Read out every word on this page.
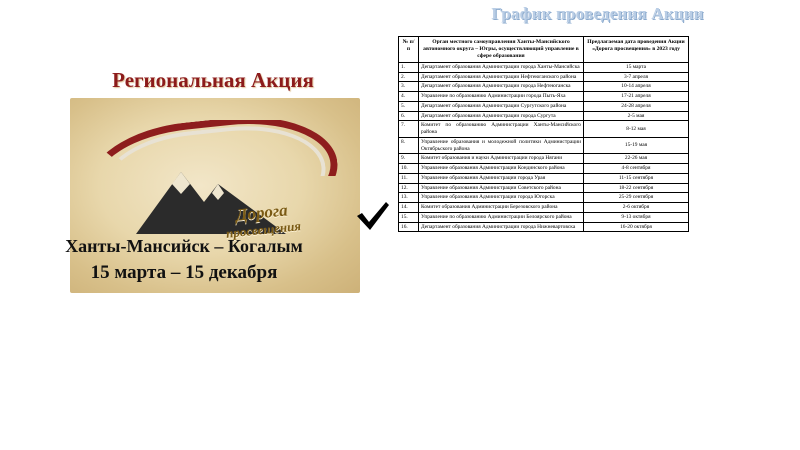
График проведения Акции
Дорога
просвещения
Региональная Акция
Ханты-Мансийск – Когалым
15 марта – 15 декабря
№ п/п	Орган местного самоуправления Ханты-Мансийского автономного округа – Югры, осуществляющий управление в сфере образования	Предлагаемая дата проведения Акции «Дорога просвещения» в 2023 году
1.	Департамент образования Администрации города Ханты-Мансийска	15 марта
2.	Департамент образования Администрации Нефтеюганского района	3-7 апреля
3.	Департамент образования Администрации города Нефтеюганска	10-14 апреля
4.	Управление по образованию Администрации города Пыть-Яха	17-21 апреля
5.	Департамент образования Администрации Сургутского района	24-28 апреля
6.	Департамент образования Администрации города Сургута	2-5 мая
7.	Комитет по образованию Администрации Ханты-Мансийского района	8-12 мая
8.	Управление образования и молодежной политики Администрации Октябрьского района	15-19 мая
9.	Комитет образования и науки Администрации города Нягани	22-26 мая
10.	Управление образования Администрации Кондинского района	4-8 сентября
11.	Управление образования Администрации города Урая	11-15 сентября
12.	Управление образования Администрации Советского района	18-22 сентября
13.	Управление образования Администрации города Югорска	25-29 сентября
14.	Комитет образования Администрации Березовского района	2-6 октября
15.	Управление по образованию Администрации Белоярского района	9-13 октября
16.	Департамент образования Администрации города Нижневартовска	16-20 октября
